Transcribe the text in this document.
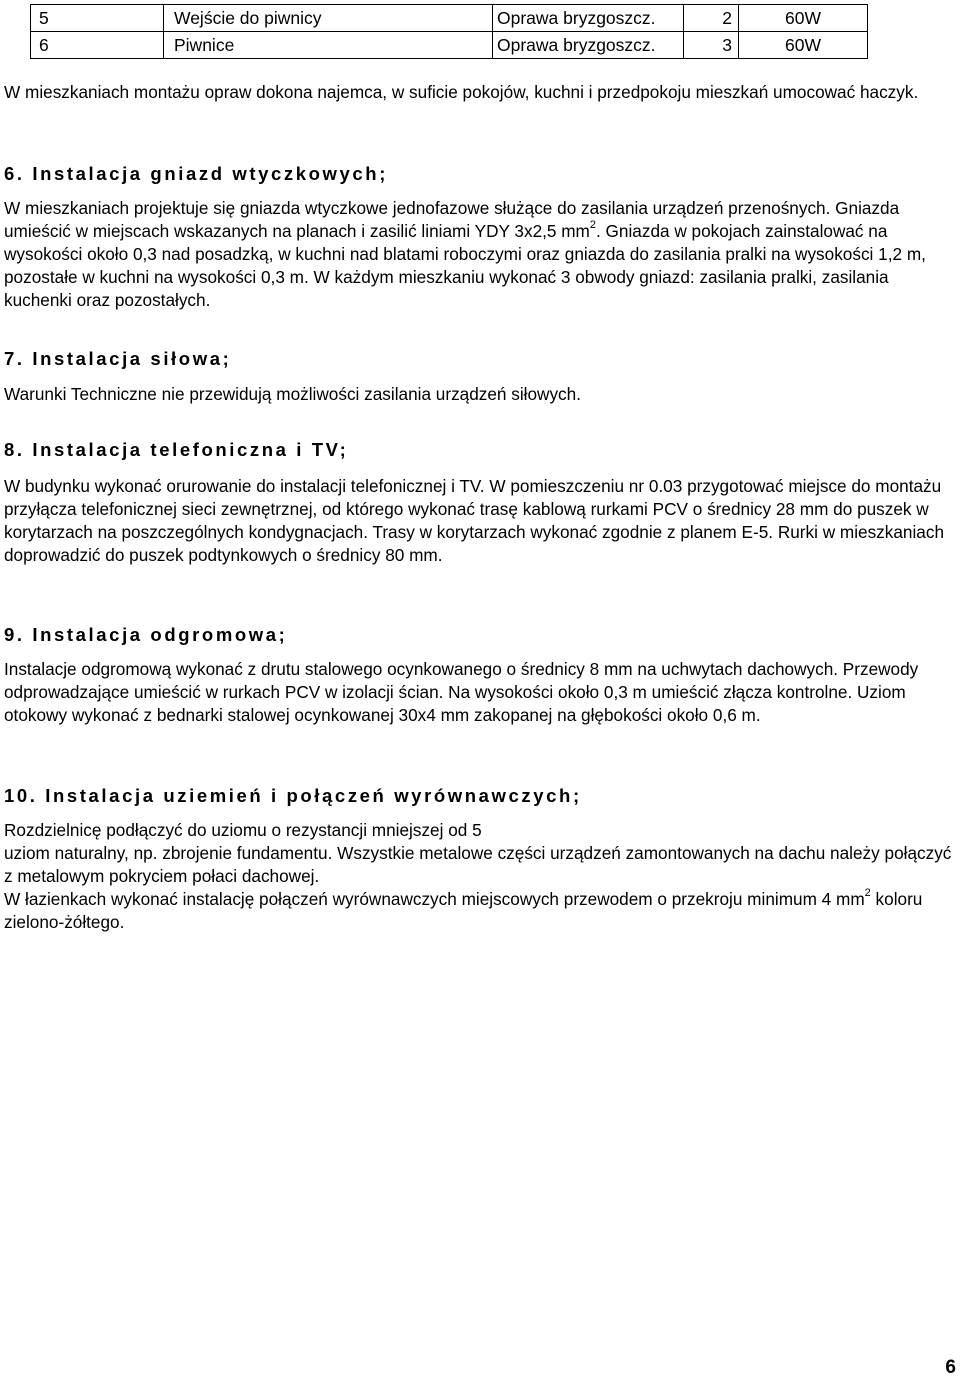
5	Wejście do piwnicy	Oprawa bryzgoszcz.	2	60W
6	Piwnice	Oprawa bryzgoszcz.	3	60W

W mieszkaniach montażu opraw dokona najemca, w suficie pokojów, kuchni i przedpokoju mieszkań umocować haczyk.

6. Instalacja gniazd wtyczkowych;

W mieszkaniach projektuje się gniazda wtyczkowe jednofazowe służące do zasilania urządzeń przenośnych. Gniazda umieścić w miejscach wskazanych na planach i zasilić liniami YDY 3x2,5 $mm^2$. Gniazda w pokojach zainstalować na wysokości około 0,3 nad posadzką, w kuchni nad blatami roboczymi oraz gniazda do zasilania pralki na wysokości 1,2 m, pozostałe w kuchni na wysokości 0,3 m. W każdym mieszkaniu wykonać 3 obwody gniazd: zasilania pralki, zasilania kuchenki oraz pozostałych.

7. Instalacja siłowa;

Warunki Techniczne nie przewidują możliwości zasilania urządzeń siłowych.

8. Instalacja telefoniczna i TV;

W budynku wykonać orurowanie do instalacji telefonicznej i TV. W pomieszczeniu nr 0.03 przygotować miejsce do montażu przyłącza telefonicznej sieci zewnętrznej, od którego wykonać trasę kablową rurkami PCV o średnicy 28 mm do puszek w korytarzach na poszczególnych kondygnacjach. Trasy w korytarzach wykonać zgodnie z planem E-5. Rurki w mieszkaniach doprowadzić do puszek podtynkowych o średnicy 80 mm.

9. Instalacja odgromowa;

Instalacje odgromową wykonać z drutu stalowego ocynkowanego o średnicy 8 mm na uchwytach dachowych. Przewody odprowadzające umieścić w rurkach PCV w izolacji ścian. Na wysokości około 0,3 m umieścić złącza kontrolne. Uziom otokowy wykonać z bednarki stalowej ocynkowanej 30x4 mm zakopanej na głębokości około 0,6 m.

10. Instalacja uziemień i połączeń wyrównawczych;

Rozdzielnicę podłączyć do uziomu o rezystancji mniejszej od 5

uziom naturalny, np. zbrojenie fundamentu. Wszystkie metalowe części urządzeń zamontowanych na dachu należy połączyć z metalowym pokryciem połaci dachowej.

W łazienkach wykonać instalację połączeń wyrównawczych miejscowych przewodem o przekroju minimum 4 $mm^2$ koloru zielono-żółtego.

6
